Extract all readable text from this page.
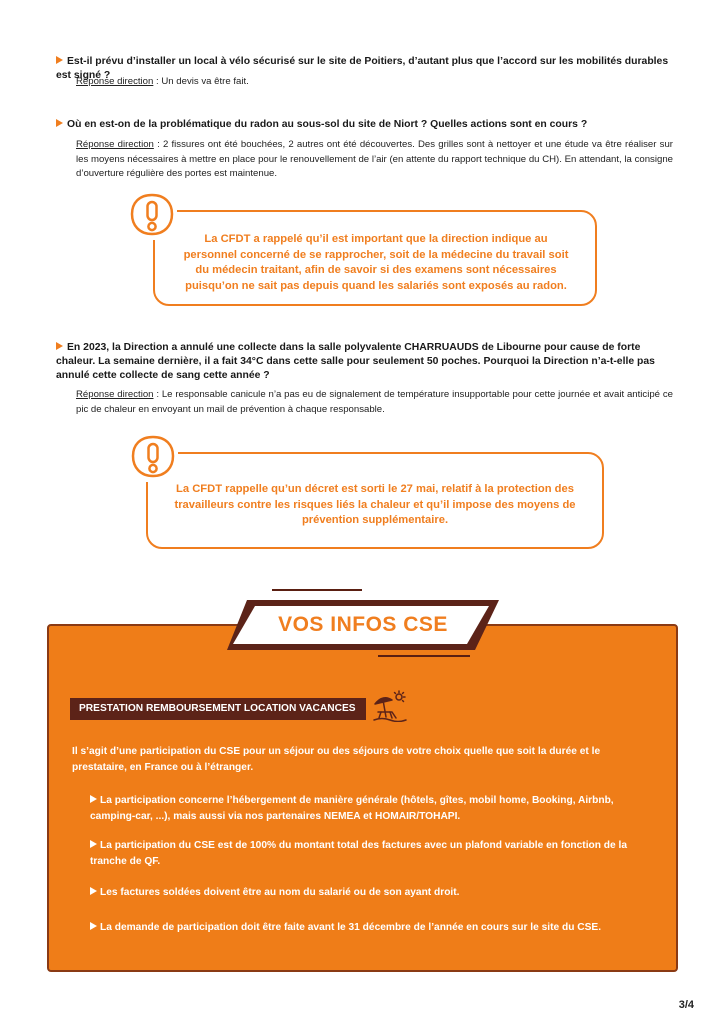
Est-il prévu d’installer un local à vélo sécurisé sur le site de Poitiers, d’autant plus que l’accord sur les mobilités durables est signé ?
Réponse direction : Un devis va être fait.
Où en est-on de la problématique du radon au sous-sol du site de Niort ? Quelles actions sont en cours ?
Réponse direction : 2 fissures ont été bouchées, 2 autres ont été découvertes. Des grilles sont à nettoyer et une étude va être réaliser sur les moyens nécessaires à mettre en place pour le renouvellement de l’air (en attente du rapport technique du CH). En attendant, la consigne d’ouverture régulière des portes est maintenue.
La CFDT a rappelé qu’il est important que la direction indique au personnel concerné de se rapprocher, soit de la médecine du travail soit du médecin traitant, afin de savoir si des examens sont nécessaires puisqu’on ne sait pas depuis quand les salariés sont exposés au radon.
En 2023, la Direction a annulé une collecte dans la salle polyvalente CHARRUAUDS de Libourne pour cause de forte chaleur. La semaine dernière, il a fait 34°C dans cette salle pour seulement 50 poches. Pourquoi la Direction n’a-t-elle pas annulé cette collecte de sang cette année ?
Réponse direction : Le responsable canicule n’a pas eu de signalement de température insupportable pour cette journée et avait anticipé ce pic de chaleur en envoyant un mail de prévention à chaque responsable.
La CFDT rappelle qu’un décret est sorti le 27 mai, relatif à la protection des travailleurs contre les risques liés la chaleur et qu’il impose des moyens de prévention supplémentaire.
VOS INFOS CSE
PRESTATION REMBOURSEMENT LOCATION VACANCES
Il s’agit d’une participation du CSE pour un séjour ou des séjours de votre choix quelle que soit la durée et le prestataire, en France ou à l’étranger.
La participation concerne l’hébergement de manière générale (hôtels, gîtes, mobil home, Booking, Airbnb, camping-car, ...), mais aussi via nos partenaires NEMEA et HOMAIR/TOHAPI.
La participation du CSE est de 100% du montant total des factures avec un plafond variable en fonction de la tranche de QF.
Les factures soldées doivent être au nom du salarié ou de son ayant droit.
La demande de participation doit être faite avant le 31 décembre de l’année en cours sur le site du CSE.
3/4
